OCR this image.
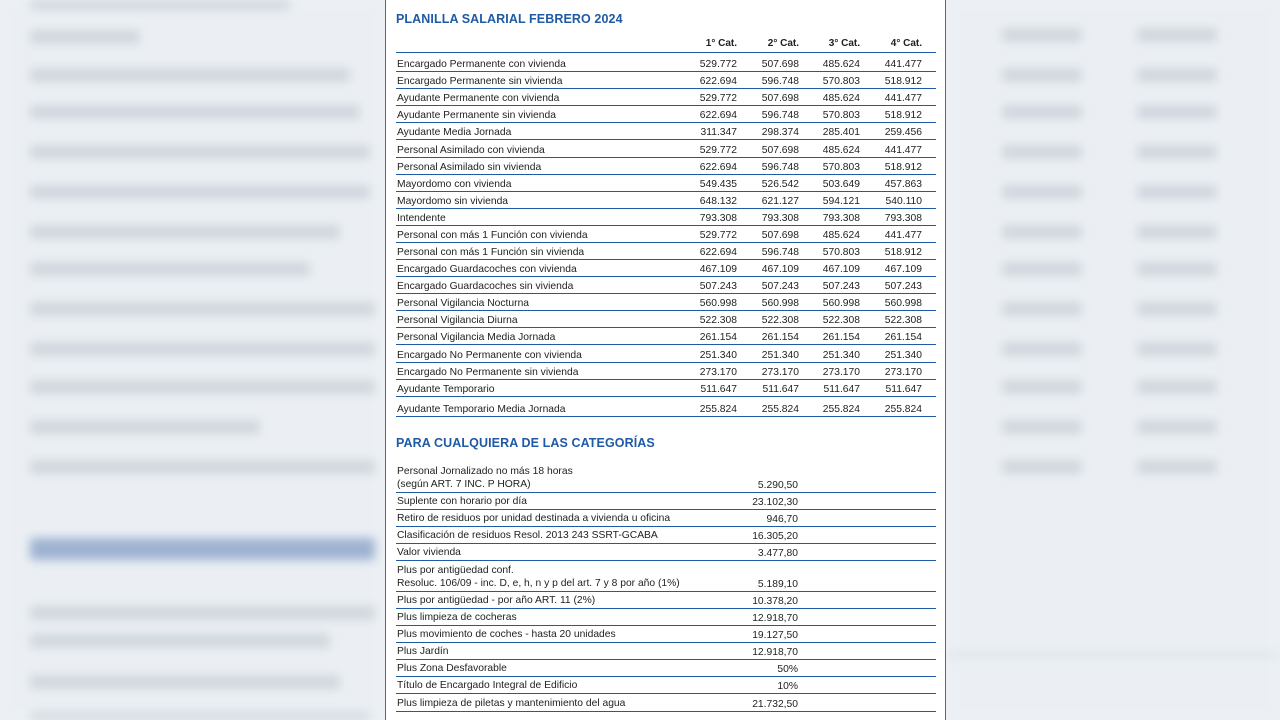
PLANILLA SALARIAL FEBRERO 2024
1° Cat.	2° Cat.	3° Cat.	4° Cat.
Encargado Permanente con vivienda	529.772	507.698	485.624	441.477
Encargado Permanente sin vivienda	622.694	596.748	570.803	518.912
Ayudante Permanente con vivienda	529.772	507.698	485.624	441.477
Ayudante Permanente sin vivienda	622.694	596.748	570.803	518.912
Ayudante Media Jornada	311.347	298.374	285.401	259.456
Personal Asimilado con vivienda	529.772	507.698	485.624	441.477
Personal Asimilado sin vivienda	622.694	596.748	570.803	518.912
Mayordomo con vivienda	549.435	526.542	503.649	457.863
Mayordomo sin vivienda	648.132	621.127	594.121	540.110
Intendente	793.308	793.308	793.308	793.308
Personal con más 1 Función con vivienda	529.772	507.698	485.624	441.477
Personal con más 1 Función sin vivienda	622.694	596.748	570.803	518.912
Encargado Guardacoches con vivienda	467.109	467.109	467.109	467.109
Encargado Guardacoches sin vivienda	507.243	507.243	507.243	507.243
Personal Vigilancia Nocturna	560.998	560.998	560.998	560.998
Personal Vigilancia Diurna	522.308	522.308	522.308	522.308
Personal Vigilancia Media Jornada	261.154	261.154	261.154	261.154
Encargado No Permanente con vivienda	251.340	251.340	251.340	251.340
Encargado No Permanente sin vivienda	273.170	273.170	273.170	273.170
Ayudante Temporario	511.647	511.647	511.647	511.647
Ayudante Temporario Media Jornada	255.824	255.824	255.824	255.824
PARA CUALQUIERA DE LAS CATEGORÍAS
Personal Jornalizado no más 18 horas
(según ART. 7 INC. P HORA)	5.290,50
Suplente con horario por día	23.102,30
Retiro de residuos por unidad destinada a vivienda u oficina	946,70
Clasificación de residuos Resol. 2013 243 SSRT-GCABA	16.305,20
Valor vivienda	3.477,80
Plus por antigüedad conf.
Resoluc. 106/09 - inc. D, e, h, n y p del art. 7 y 8 por año (1%)	5.189,10
Plus por antigüedad - por año ART. 11 (2%)	10.378,20
Plus limpieza de cocheras	12.918,70
Plus movimiento de coches - hasta 20 unidades	19.127,50
Plus Jardín	12.918,70
Plus Zona Desfavorable	50%
Título de Encargado Integral de Edificio	10%
Plus limpieza de piletas y mantenimiento del agua	21.732,50
